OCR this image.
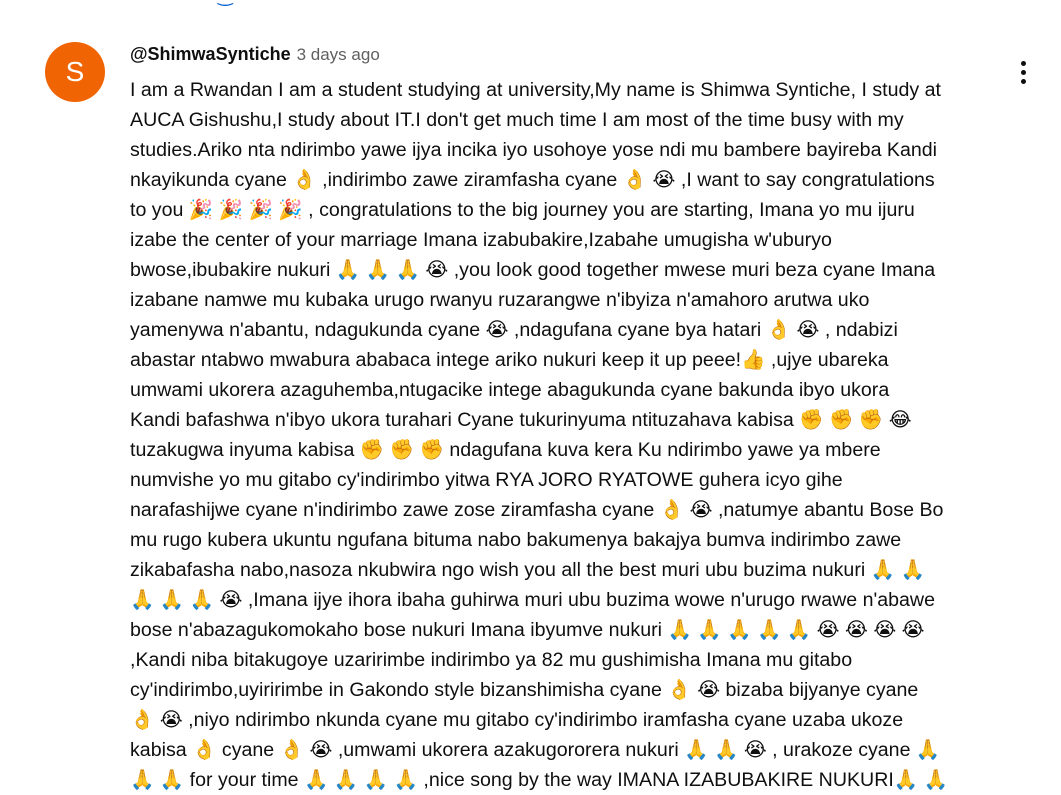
S
@ShimwaSyntiche 3 days ago
I am a Rwandan I am a student studying at university,My name is Shimwa Syntiche, I study at
AUCA Gishushu,I study about IT.I don't get much time I am most of the time busy with my
studies.Ariko nta ndirimbo yawe ijya incika iyo usohoye yose ndi mu bambere bayireba Kandi
nkayikunda cyane 👌 ,indirimbo zawe ziramfasha cyane 👌 😭 ,I want to say congratulations
to you 🎉 🎉 🎉 🎉 , congratulations to the big journey you are starting, Imana yo mu ijuru
izabe the center of your marriage Imana izabubakire,Izabahe umugisha w'uburyo
bwose,ibubakire nukuri 🙏 🙏 🙏 😭 ,you look good together mwese muri beza cyane Imana
izabane namwe mu kubaka urugo rwanyu ruzarangwe n'ibyiza n'amahoro arutwa uko
yamenywa n'abantu, ndagukunda cyane 😭 ,ndagufana cyane bya hatari 👌 😭 , ndabizi
abastar ntabwo mwabura ababaca intege ariko nukuri keep it up peee!👍 ,ujye ubareka
umwami ukorera azaguhemba,ntugacike intege abagukunda cyane bakunda ibyo ukora
Kandi bafashwa n'ibyo ukora turahari Cyane tukurinyuma ntituzahava kabisa ✊ ✊ ✊ 😂
tuzakugwa inyuma kabisa ✊ ✊ ✊ ndagufana kuva kera Ku ndirimbo yawe ya mbere
numvishe yo mu gitabo cy'indirimbo yitwa RYA JORO RYATOWE guhera icyo gihe
narafashijwe cyane n'indirimbo zawe zose ziramfasha cyane 👌 😭 ,natumye abantu Bose Bo
mu rugo kubera ukuntu ngufana bituma nabo bakumenya bakajya bumva indirimbo zawe
zikabafasha nabo,nasoza nkubwira ngo wish you all the best muri ubu buzima nukuri 🙏 🙏
🙏 🙏 🙏 😭 ,Imana ijye ihora ibaha guhirwa muri ubu buzima wowe n'urugo rwawe n'abawe
bose n'abazagukomokaho bose nukuri Imana ibyumve nukuri 🙏 🙏 🙏 🙏 🙏 😭 😭 😭 😭
,Kandi niba bitakugoye uzaririmbe indirimbo ya 82 mu gushimisha Imana mu gitabo
cy'indirimbo,uyiririmbe in Gakondo style bizanshimisha cyane 👌 😭 bizaba bijyanye cyane
👌 😭 ,niyo ndirimbo nkunda cyane mu gitabo cy'indirimbo iramfasha cyane uzaba ukoze
kabisa 👌 cyane 👌 😭 ,umwami ukorera azakugororera nukuri 🙏 🙏 😭 , urakoze cyane 🙏
🙏 🙏 for your time 🙏 🙏 🙏 🙏 ,nice song by the way IMANA IZABUBAKIRE NUKURI🙏 🙏
